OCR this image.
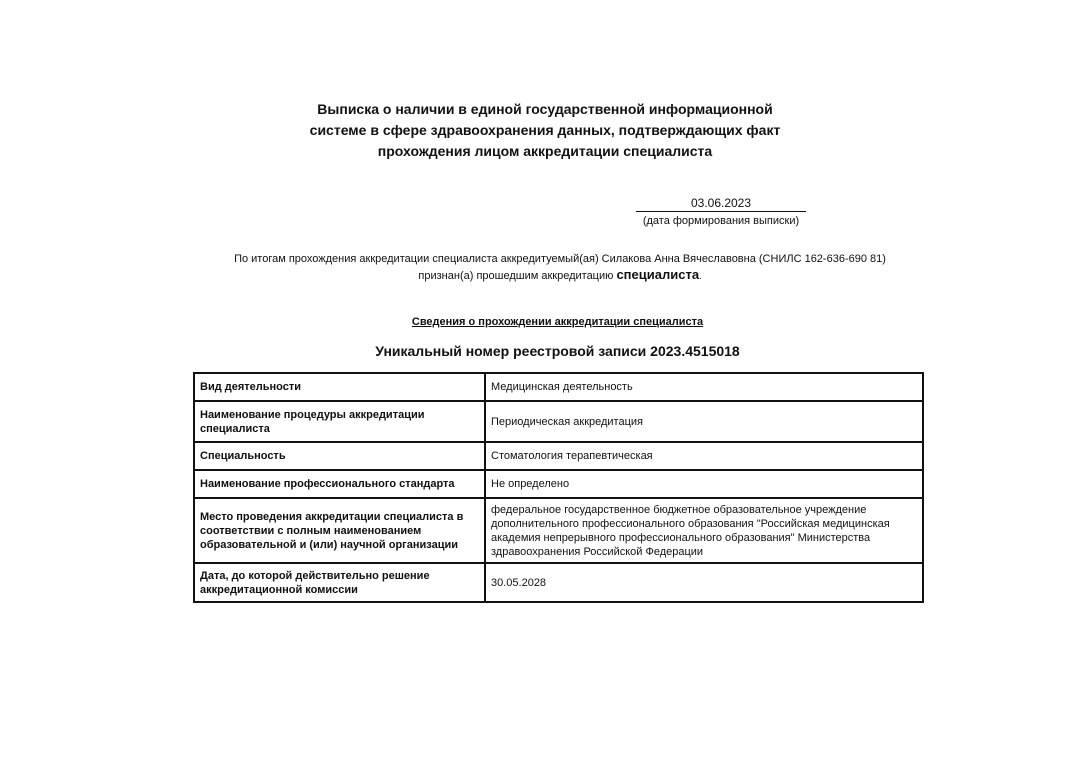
Выписка о наличии в единой государственной информационной
системе в сфере здравоохранения данных, подтверждающих факт
прохождения лицом аккредитации специалиста
03.06.2023
(дата формирования выписки)
По итогам прохождения аккредитации специалиста аккредитуемый(ая) Силакова Анна Вячеславовна (СНИЛС 162-636-690 81)
признан(а) прошедшим аккредитацию специалиста.
Сведения о прохождении аккредитации специалиста
Уникальный номер реестровой записи 2023.4515018
Вид деятельности	Медицинская деятельность
Наименование процедуры аккредитации специалиста	Периодическая аккредитация
Специальность	Стоматология терапевтическая
Наименование профессионального стандарта	Не определено
Место проведения аккредитации специалиста в соответствии с полным наименованием образовательной и (или) научной организации	федеральное государственное бюджетное образовательное учреждение дополнительного профессионального образования "Российская медицинская академия непрерывного профессионального образования" Министерства здравоохранения Российской Федерации
Дата, до которой действительно решение аккредитационной комиссии	30.05.2028
